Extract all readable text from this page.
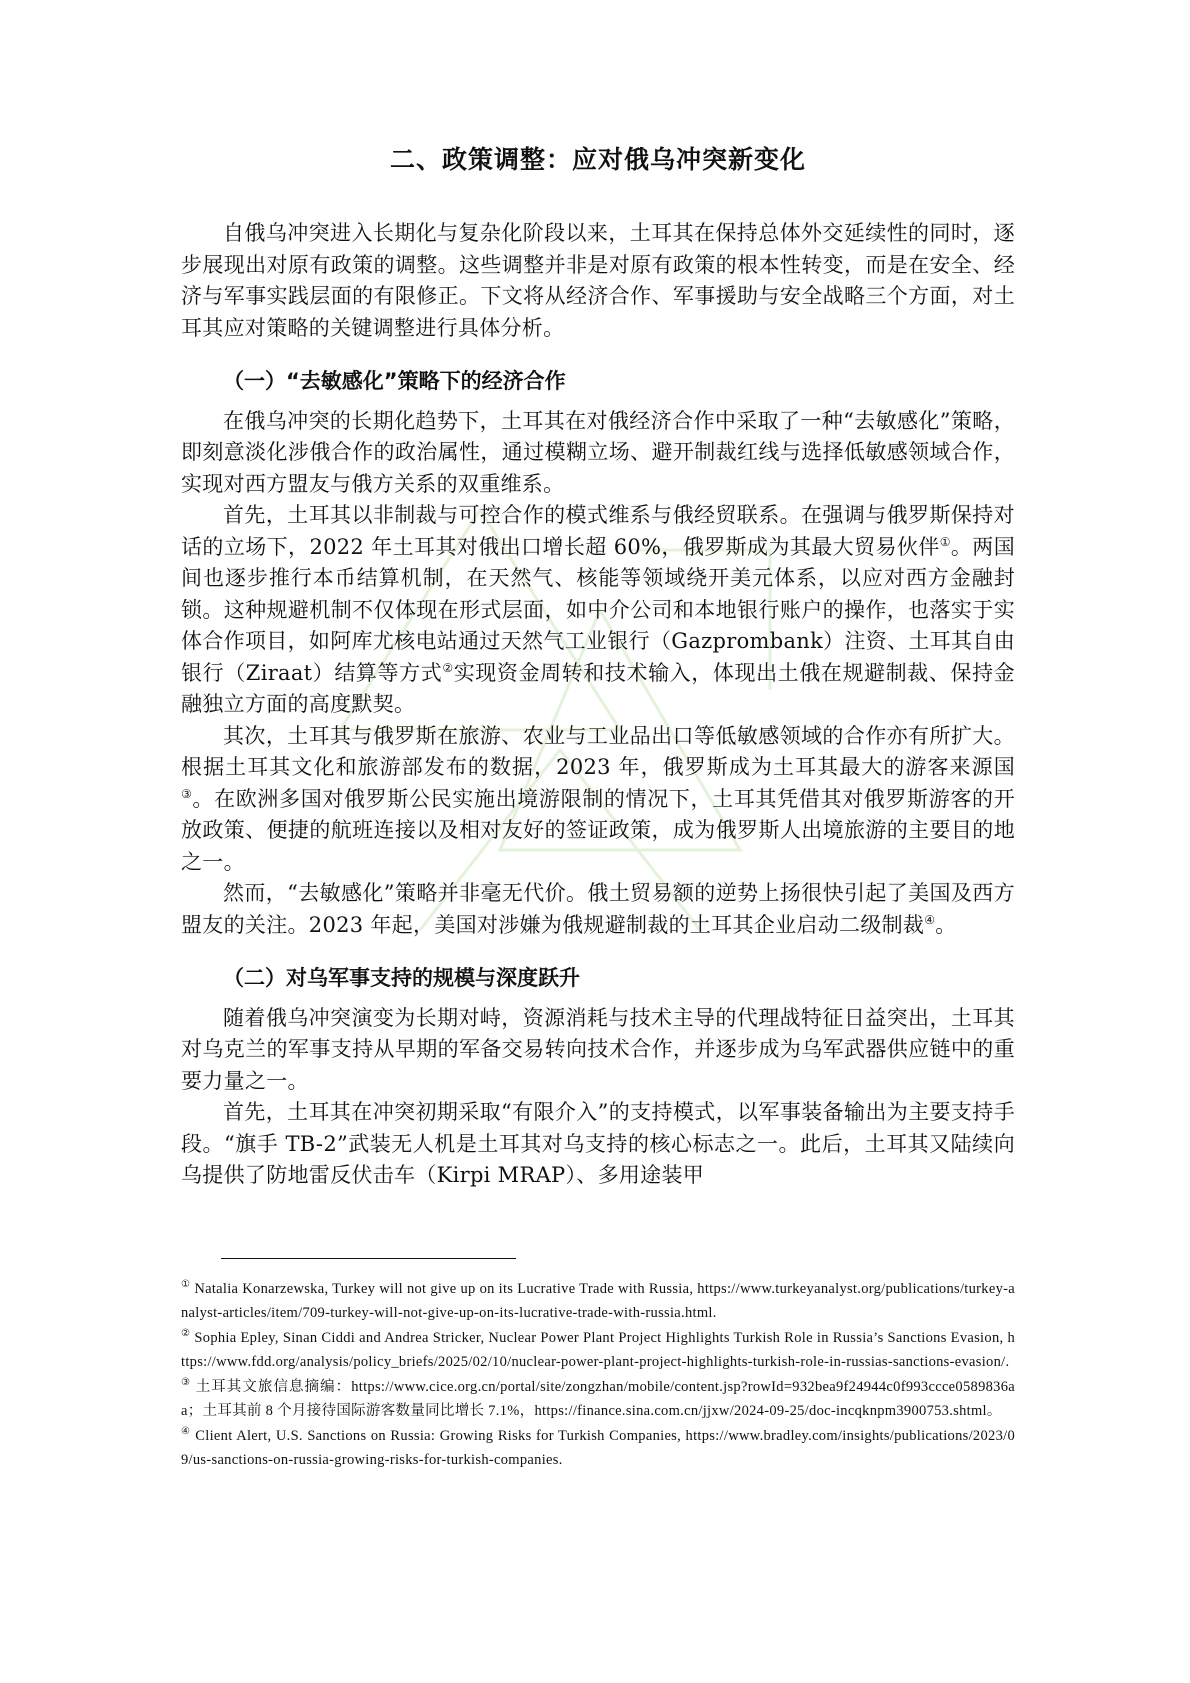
二、政策调整：应对俄乌冲突新变化

自俄乌冲突进入长期化与复杂化阶段以来，土耳其在保持总体外交延续性的同时，逐步展现出对原有政策的调整。这些调整并非是对原有政策的根本性转变，而是在安全、经济与军事实践层面的有限修正。下文将从经济合作、军事援助与安全战略三个方面，对土耳其应对策略的关键调整进行具体分析。

（一）“去敏感化”策略下的经济合作

在俄乌冲突的长期化趋势下，土耳其在对俄经济合作中采取了一种“去敏感化”策略，即刻意淡化涉俄合作的政治属性，通过模糊立场、避开制裁红线与选择低敏感领域合作，实现对西方盟友与俄方关系的双重维系。

首先，土耳其以非制裁与可控合作的模式维系与俄经贸联系。在强调与俄罗斯保持对话的立场下，2022 年土耳其对俄出口增长超 60%，俄罗斯成为其最大贸易伙伴①。两国间也逐步推行本币结算机制，在天然气、核能等领域绕开美元体系，以应对西方金融封锁。这种规避机制不仅体现在形式层面，如中介公司和本地银行账户的操作，也落实于实体合作项目，如阿库尤核电站通过天然气工业银行（Gazprombank）注资、土耳其自由银行（Ziraat）结算等方式②实现资金周转和技术输入，体现出土俄在规避制裁、保持金融独立方面的高度默契。

其次，土耳其与俄罗斯在旅游、农业与工业品出口等低敏感领域的合作亦有所扩大。根据土耳其文化和旅游部发布的数据，2023 年，俄罗斯成为土耳其最大的游客来源国③。在欧洲多国对俄罗斯公民实施出境游限制的情况下，土耳其凭借其对俄罗斯游客的开放政策、便捷的航班连接以及相对友好的签证政策，成为俄罗斯人出境旅游的主要目的地之一。

然而，“去敏感化”策略并非毫无代价。俄土贸易额的逆势上扬很快引起了美国及西方盟友的关注。2023 年起，美国对涉嫌为俄规避制裁的土耳其企业启动二级制裁④。

（二）对乌军事支持的规模与深度跃升

随着俄乌冲突演变为长期对峙，资源消耗与技术主导的代理战特征日益突出，土耳其对乌克兰的军事支持从早期的军备交易转向技术合作，并逐步成为乌军武器供应链中的重要力量之一。

首先，土耳其在冲突初期采取“有限介入”的支持模式，以军事装备输出为主要支持手段。“旗手 TB-2”武装无人机是土耳其对乌支持的核心标志之一。此后，土耳其又陆续向乌提供了防地雷反伏击车（Kirpi MRAP）、多用途装甲

① Natalia Konarzewska, Turkey will not give up on its Lucrative Trade with Russia, https://www.turkeyanalyst.org/publications/turkey-analyst-articles/item/709-turkey-will-not-give-up-on-its-lucrative-trade-with-russia.html.

② Sophia Epley, Sinan Ciddi and Andrea Stricker, Nuclear Power Plant Project Highlights Turkish Role in Russia’s Sanctions Evasion, https://www.fdd.org/analysis/policy_briefs/2025/02/10/nuclear-power-plant-project-highlights-turkish-role-in-russias-sanctions-evasion/.

③ 土耳其文旅信息摘编：https://www.cice.org.cn/portal/site/zongzhan/mobile/content.jsp?rowId=932bea9f24944c0f993ccce0589836aa；土耳其前 8 个月接待国际游客数量同比增长 7.1%，https://finance.sina.com.cn/jjxw/2024-09-25/doc-incqknpm3900753.shtml。

④ Client Alert, U.S. Sanctions on Russia: Growing Risks for Turkish Companies, https://www.bradley.com/insights/publications/2023/09/us-sanctions-on-russia-growing-risks-for-turkish-companies.
